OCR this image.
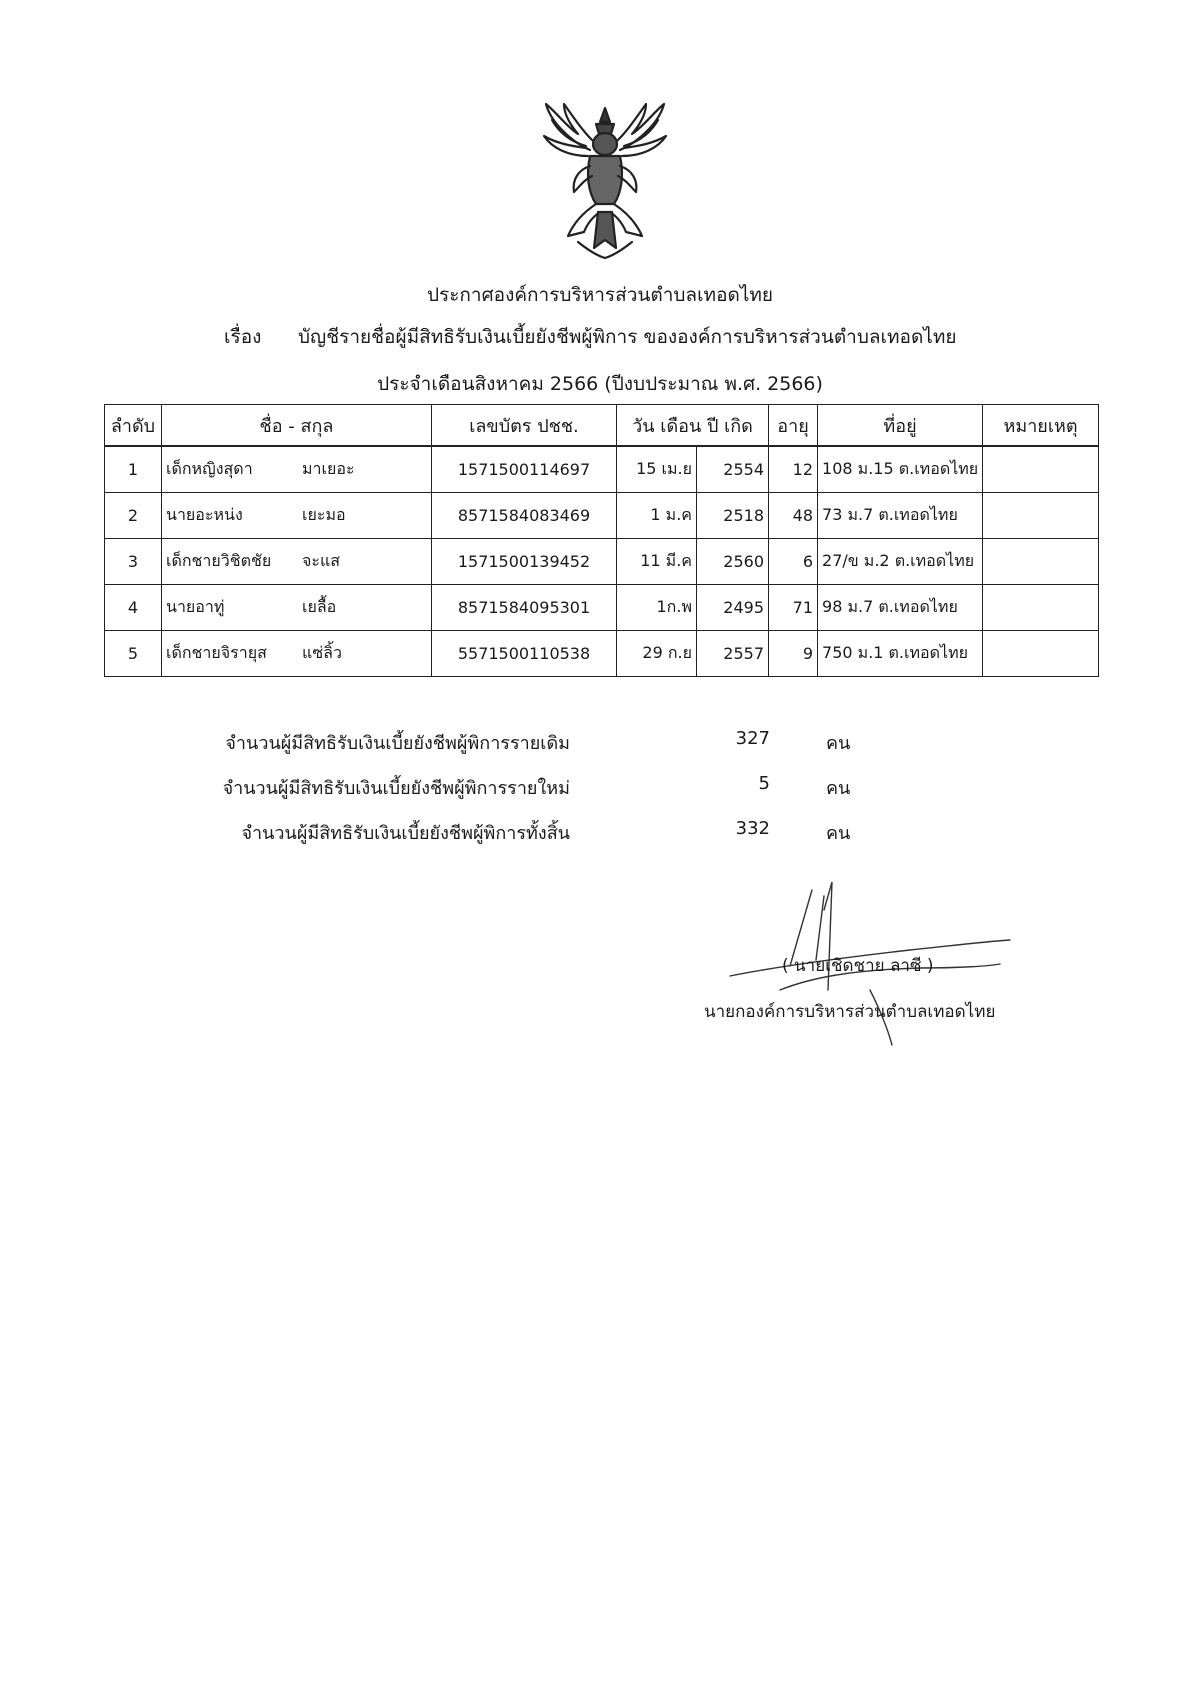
ประกาศองค์การบริหารส่วนตำบลเทอดไทย
เรื่อง บัญชีรายชื่อผู้มีสิทธิรับเงินเบี้ยยังชีพผู้พิการ ขององค์การบริหารส่วนตำบลเทอดไทย
ประจำเดือนสิงหาคม 2566 (ปีงบประมาณ พ.ศ. 2566)
ลำดับ	ชื่อ - สกุล	เลขบัตร ปชช.	วัน เดือน ปี เกิด		อายุ	ที่อยู่	หมายเหตุ
1	เด็กหญิงสุดา มาเยอะ	1571500114697	15 เม.ย	2554	12	108 ม.15 ต.เทอดไทย	
2	นายอะหน่ง เยะมอ	8571584083469	1 ม.ค	2518	48	73 ม.7 ต.เทอดไทย	
3	เด็กชายวิชิตชัย จะแส	1571500139452	11 มี.ค	2560	6	27/ข ม.2 ต.เทอดไทย	
4	นายอาทู่ เยลื้อ	8571584095301	1ก.พ	2495	71	98 ม.7 ต.เทอดไทย	
5	เด็กชายจิรายุส แซ่ลิ้ว	5571500110538	29 ก.ย	2557	9	750 ม.1 ต.เทอดไทย	
จำนวนผู้มีสิทธิรับเงินเบี้ยยังชีพผู้พิการรายเดิม	327	คน
จำนวนผู้มีสิทธิรับเงินเบี้ยยังชีพผู้พิการรายใหม่	5	คน
จำนวนผู้มีสิทธิรับเงินเบี้ยยังชีพผู้พิการทั้งสิ้น	332	คน
( นายเชิดชาย ลาซี )
นายกองค์การบริหารส่วนตำบลเทอดไทย
